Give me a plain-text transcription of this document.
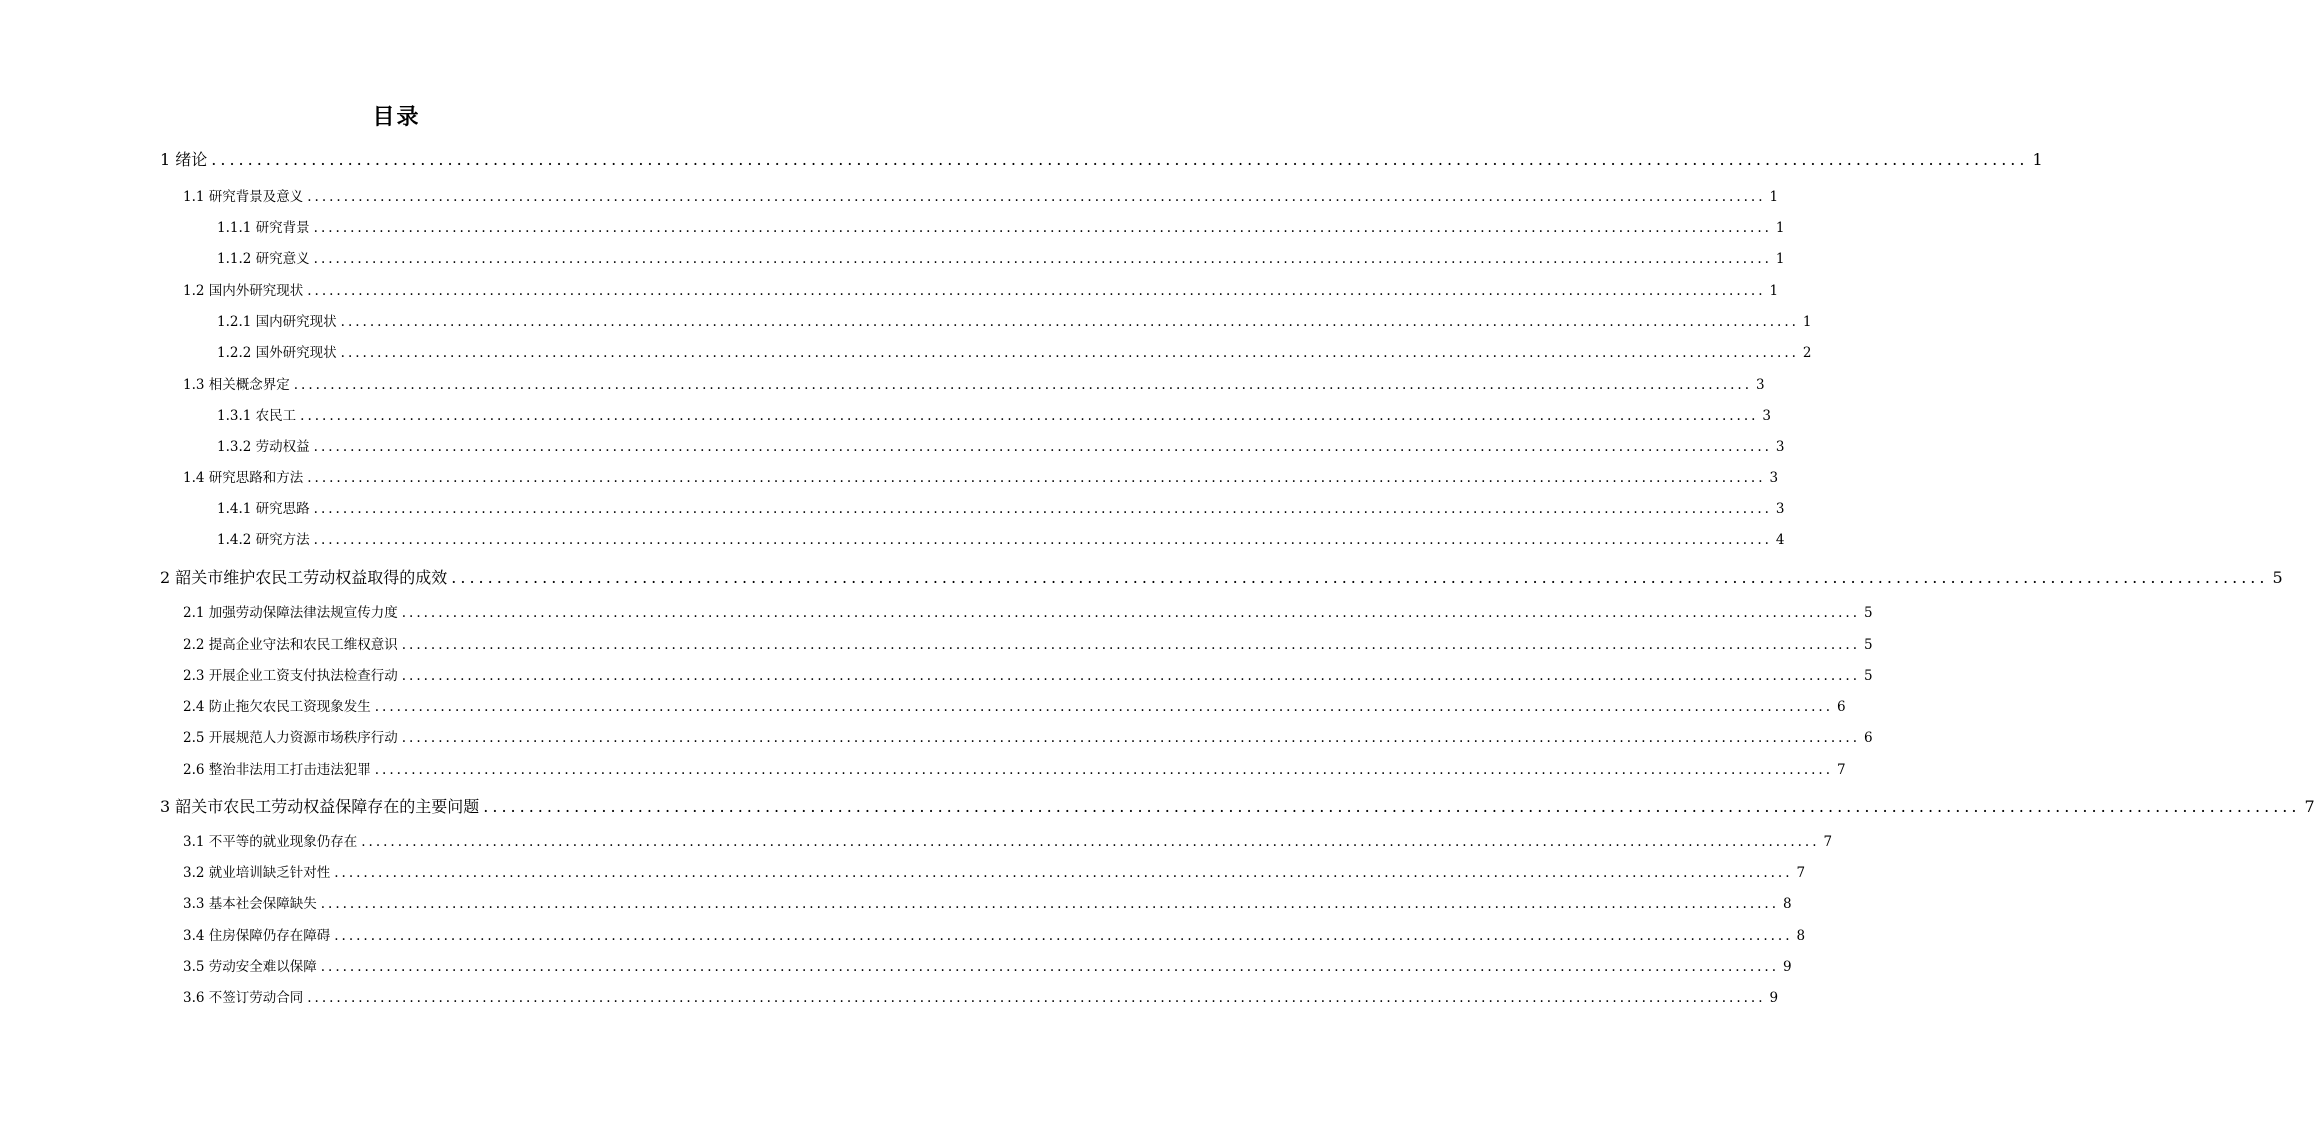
目录
1 绪论 ........................................................................................................................................................................................................ 1
1.1 研究背景及意义 ........................................................................................................................................................................................................ 1
1.1.1 研究背景 ........................................................................................................................................................................................................ 1
1.1.2 研究意义 ........................................................................................................................................................................................................ 1
1.2 国内外研究现状 ........................................................................................................................................................................................................ 1
1.2.1 国内研究现状 ........................................................................................................................................................................................................ 1
1.2.2 国外研究现状 ........................................................................................................................................................................................................ 2
1.3 相关概念界定 ........................................................................................................................................................................................................ 3
1.3.1 农民工 ........................................................................................................................................................................................................ 3
1.3.2 劳动权益 ........................................................................................................................................................................................................ 3
1.4 研究思路和方法 ........................................................................................................................................................................................................ 3
1.4.1 研究思路 ........................................................................................................................................................................................................ 3
1.4.2 研究方法 ........................................................................................................................................................................................................ 4
2 韶关市维护农民工劳动权益取得的成效 ........................................................................................................................................................................................................ 5
2.1 加强劳动保障法律法规宣传力度 ........................................................................................................................................................................................................ 5
2.2 提高企业守法和农民工维权意识 ........................................................................................................................................................................................................ 5
2.3 开展企业工资支付执法检查行动 ........................................................................................................................................................................................................ 5
2.4 防止拖欠农民工资现象发生 ........................................................................................................................................................................................................ 6
2.5 开展规范人力资源市场秩序行动 ........................................................................................................................................................................................................ 6
2.6 整治非法用工打击违法犯罪 ........................................................................................................................................................................................................ 7
3 韶关市农民工劳动权益保障存在的主要问题 ........................................................................................................................................................................................................ 7
3.1 不平等的就业现象仍存在 ........................................................................................................................................................................................................ 7
3.2 就业培训缺乏针对性 ........................................................................................................................................................................................................ 7
3.3 基本社会保障缺失 ........................................................................................................................................................................................................ 8
3.4 住房保障仍存在障碍 ........................................................................................................................................................................................................ 8
3.5 劳动安全难以保障 ........................................................................................................................................................................................................ 9
3.6 不签订劳动合同 ........................................................................................................................................................................................................ 9
